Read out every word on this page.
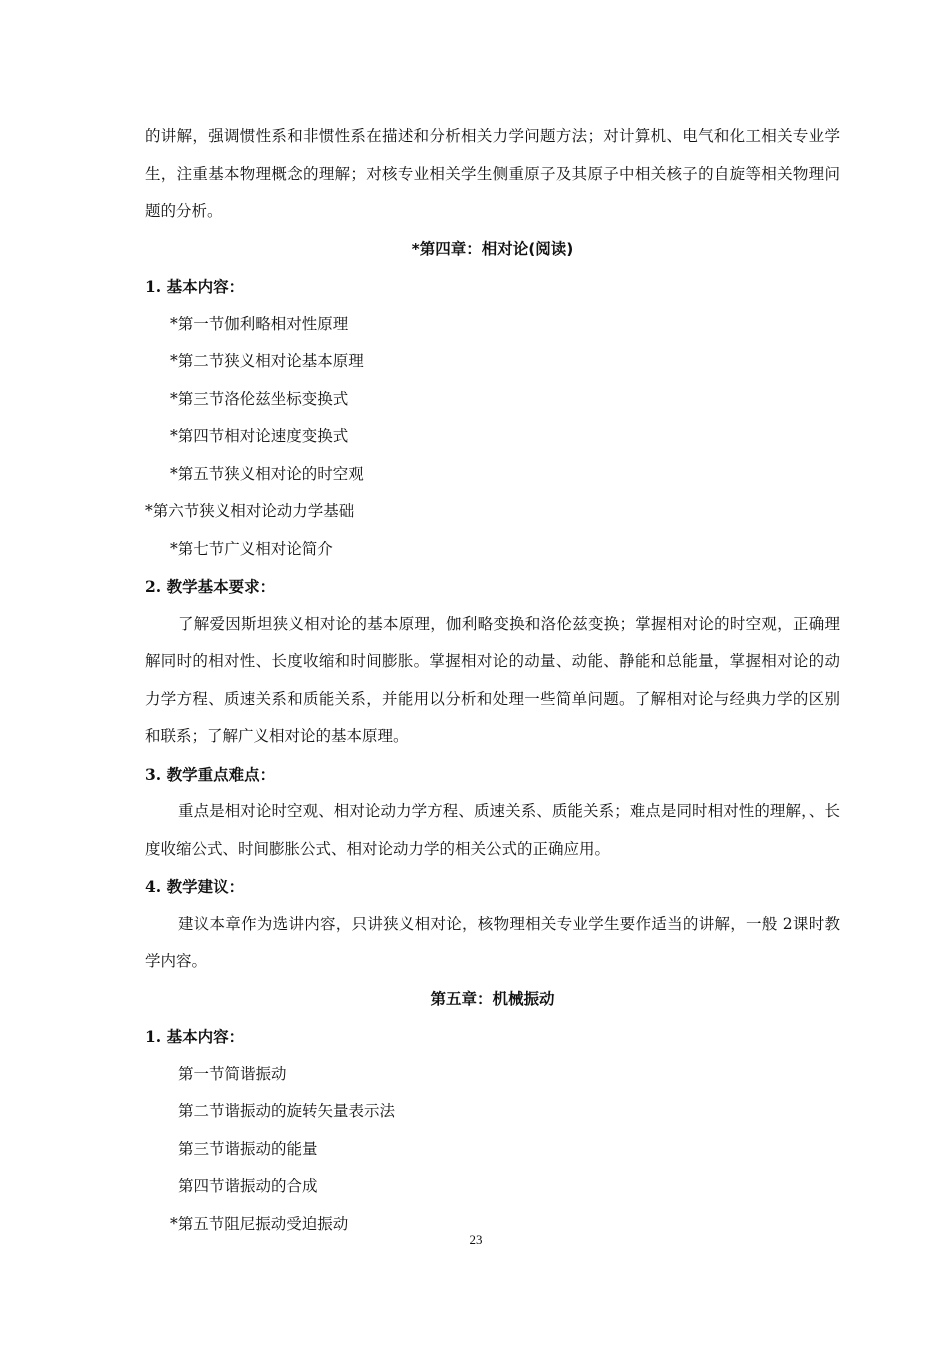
的讲解，强调惯性系和非惯性系在描述和分析相关力学问题方法；对计算机、电气和化工相关专业学生，注重基本物理概念的理解；对核专业相关学生侧重原子及其原子中相关核子的自旋等相关物理问题的分析。
*第四章：相对论(阅读)
1. 基本内容：
*第一节伽利略相对性原理
*第二节狭义相对论基本原理
*第三节洛伦兹坐标变换式
*第四节相对论速度变换式
*第五节狭义相对论的时空观
*第六节狭义相对论动力学基础
*第七节广义相对论简介
2. 教学基本要求：
了解爱因斯坦狭义相对论的基本原理，伽利略变换和洛伦兹变换；掌握相对论的时空观，正确理解同时的相对性、长度收缩和时间膨胀。掌握相对论的动量、动能、静能和总能量，掌握相对论的动力学方程、质速关系和质能关系，并能用以分析和处理一些简单问题。了解相对论与经典力学的区别和联系；了解广义相对论的基本原理。
3. 教学重点难点：
重点是相对论时空观、相对论动力学方程、质速关系、质能关系；难点是同时相对性的理解，、长度收缩公式、时间膨胀公式、相对论动力学的相关公式的正确应用。
4. 教学建议：
建议本章作为选讲内容，只讲狭义相对论，核物理相关专业学生要作适当的讲解，一般 2课时教学内容。
第五章：机械振动
1. 基本内容：
第一节简谐振动
第二节谐振动的旋转矢量表示法
第三节谐振动的能量
第四节谐振动的合成
*第五节阻尼振动受迫振动
23
